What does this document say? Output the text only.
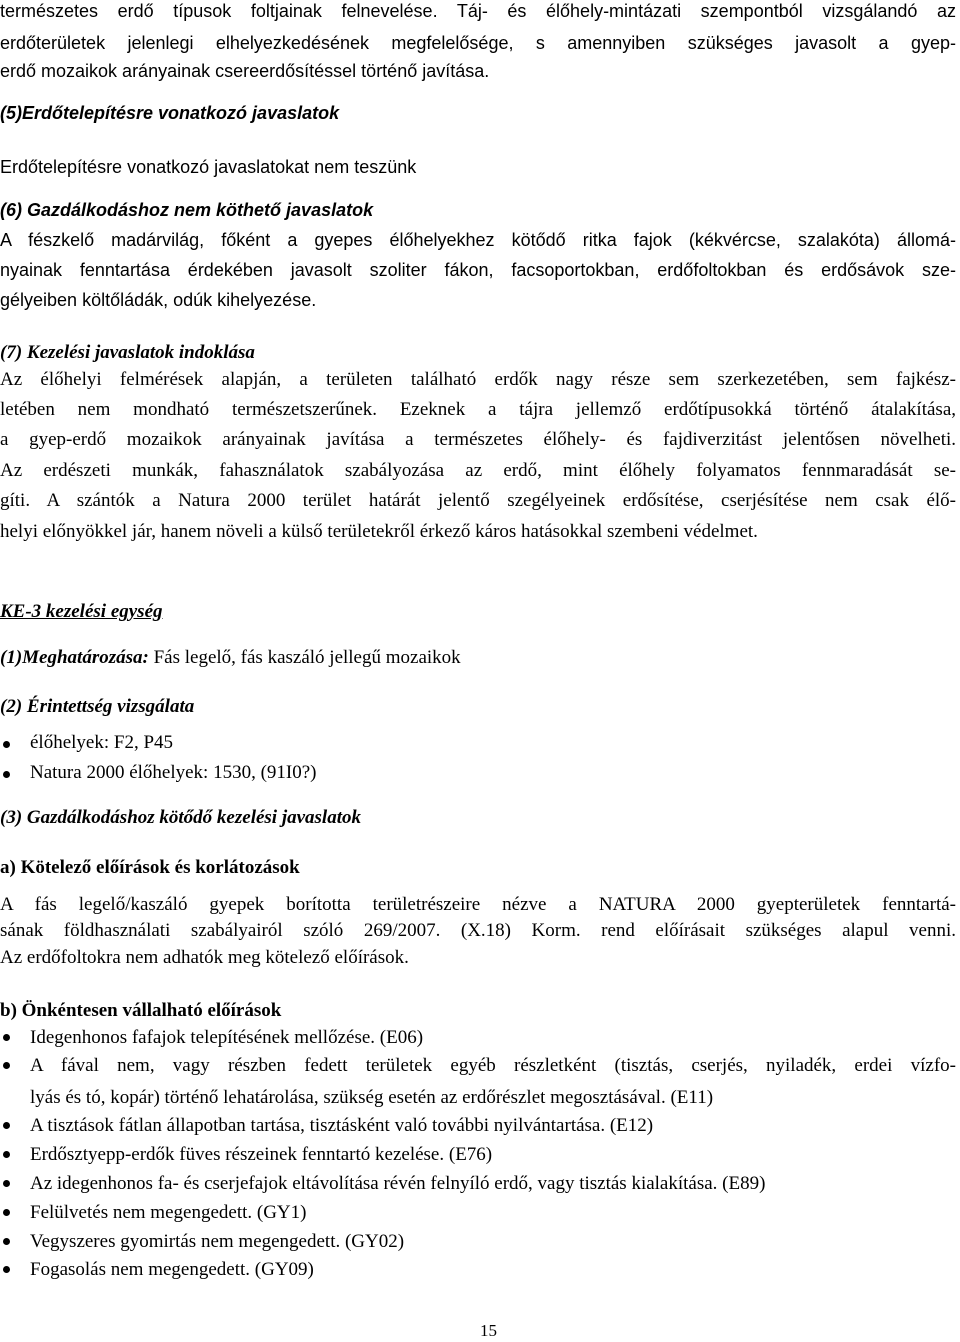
természetes erdő típusok foltjainak felnevelése. Táj- és élőhely-mintázati szempontból vizsgálandó az
erdőterületek jelenlegi elhelyezkedésének megfelelősége, s amennyiben szükséges javasolt a gyep-
erdő mozaikok arányainak csereerdősítéssel történő javítása.
(5)Erdőtelepítésre vonatkozó javaslatok
Erdőtelepítésre vonatkozó javaslatokat nem teszünk
(6) Gazdálkodáshoz nem köthető javaslatok
A fészkelő madárvilág, főként a gyepes élőhelyekhez kötődő ritka fajok (kékvércse, szalakóta) állomá-
nyainak fenntartása érdekében javasolt szoliter fákon, facsoportokban, erdőfoltokban és erdősávok sze-
gélyeiben költőládák, odúk kihelyezése.
(7) Kezelési javaslatok indoklása
Az élőhelyi felmérések alapján, a területen található erdők nagy része sem szerkezetében, sem fajkész-
letében nem mondható természetszerűnek. Ezeknek a tájra jellemző erdőtípusokká történő átalakítása,
a gyep-erdő mozaikok arányainak javítása a természetes élőhely- és fajdiverzitást jelentősen növelheti.
Az erdészeti munkák, fahasználatok szabályozása az erdő, mint élőhely folyamatos fennmaradását se-
gíti. A szántók a Natura 2000 terület határát jelentő szegélyeinek erdősítése, cserjésítése nem csak élő-
helyi előnyökkel jár, hanem növeli a külső területekről érkező káros hatásokkal szembeni védelmet.
KE-3 kezelési egység
(1)Meghatározása: Fás legelő, fás kaszáló jellegű mozaikok
(2) Érintettség vizsgálata
élőhelyek: F2, P45
Natura 2000 élőhelyek: 1530, (91I0?)
(3) Gazdálkodáshoz kötődő kezelési javaslatok
a) Kötelező előírások és korlátozások
A fás legelő/kaszáló gyepek borította területrészeire nézve a NATURA 2000 gyepterületek fenntartá-
sának földhasználati szabályairól szóló 269/2007. (X.18) Korm. rend előírásait szükséges alapul venni.
Az erdőfoltokra nem adhatók meg kötelező előírások.
b) Önkéntesen vállalható előírások
Idegenhonos fafajok telepítésének mellőzése. (E06)
A fával nem, vagy részben fedett területek egyéb részletként (tisztás, cserjés, nyiladék, erdei vízfo-
lyás és tó, kopár) történő lehatárolása, szükség esetén az erdőrészlet megosztásával. (E11)
A tisztások fátlan állapotban tartása, tisztásként való további nyilvántartása. (E12)
Erdősztyepp-erdők füves részeinek fenntartó kezelése. (E76)
Az idegenhonos fa- és cserjefajok eltávolítása révén felnyíló erdő, vagy tisztás kialakítása. (E89)
Felülvetés nem megengedett. (GY1)
Vegyszeres gyomirtás nem megengedett. (GY02)
Fogasolás nem megengedett. (GY09)
15
